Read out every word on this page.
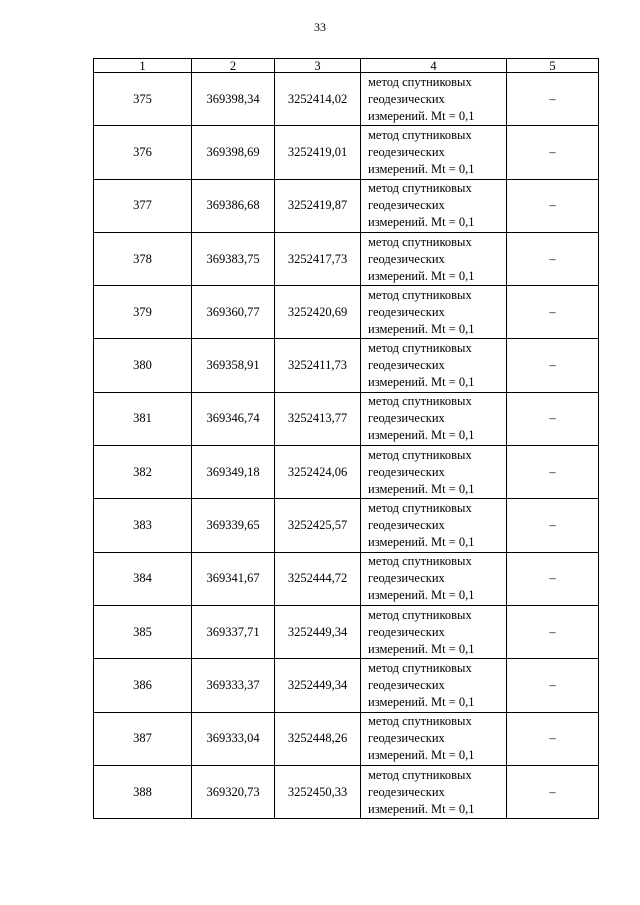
33
1	2	3	4	5
375	369398,34	3252414,02	метод спутниковых
геодезических
измерений. Mt = 0,1	–
376	369398,69	3252419,01	метод спутниковых
геодезических
измерений. Mt = 0,1	–
377	369386,68	3252419,87	метод спутниковых
геодезических
измерений. Mt = 0,1	–
378	369383,75	3252417,73	метод спутниковых
геодезических
измерений. Mt = 0,1	–
379	369360,77	3252420,69	метод спутниковых
геодезических
измерений. Mt = 0,1	–
380	369358,91	3252411,73	метод спутниковых
геодезических
измерений. Mt = 0,1	–
381	369346,74	3252413,77	метод спутниковых
геодезических
измерений. Mt = 0,1	–
382	369349,18	3252424,06	метод спутниковых
геодезических
измерений. Mt = 0,1	–
383	369339,65	3252425,57	метод спутниковых
геодезических
измерений. Mt = 0,1	–
384	369341,67	3252444,72	метод спутниковых
геодезических
измерений. Mt = 0,1	–
385	369337,71	3252449,34	метод спутниковых
геодезических
измерений. Mt = 0,1	–
386	369333,37	3252449,34	метод спутниковых
геодезических
измерений. Mt = 0,1	–
387	369333,04	3252448,26	метод спутниковых
геодезических
измерений. Mt = 0,1	–
388	369320,73	3252450,33	метод спутниковых
геодезических
измерений. Mt = 0,1	–
